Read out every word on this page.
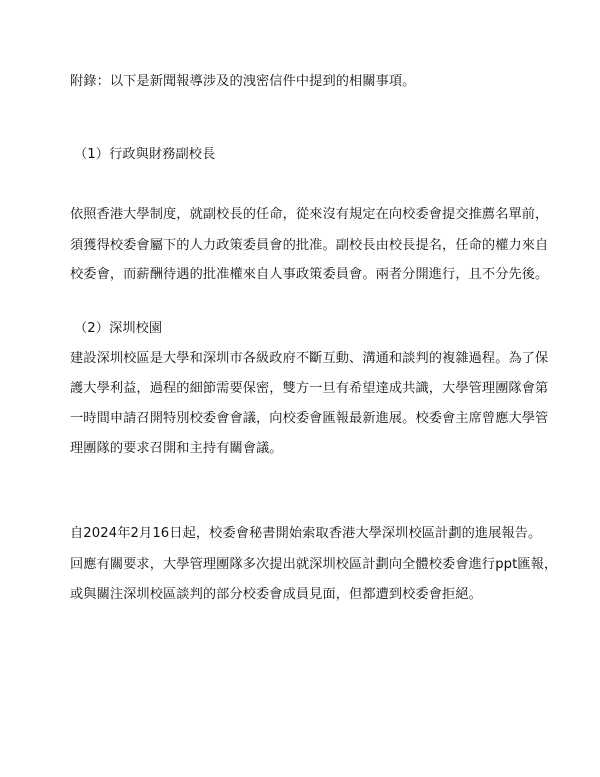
附錄：以下是新聞報導涉及的洩密信件中提到的相關事項。
（1）行政與財務副校長
依照香港大學制度，就副校長的任命，從來沒有規定在向校委會提交推薦名單前，
須獲得校委會屬下的人力政策委員會的批准。副校長由校長提名，任命的權力來自
校委會，而薪酬待遇的批准權來自人事政策委員會。兩者分開進行，且不分先後。
（2）深圳校園
建設深圳校區是大學和深圳市各級政府不斷互動、溝通和談判的複雜過程。為了保
護大學利益，過程的細節需要保密，雙方一旦有希望達成共識，大學管理團隊會第
一時間申請召開特別校委會會議，向校委會匯報最新進展。校委會主席曾應大學管
理團隊的要求召開和主持有關會議。
自2024年2月16日起，校委會秘書開始索取香港大學深圳校區計劃的進展報告。
回應有關要求，大學管理團隊多次提出就深圳校區計劃向全體校委會進行ppt匯報，
或與關注深圳校區談判的部分校委會成員見面，但都遭到校委會拒絕。
